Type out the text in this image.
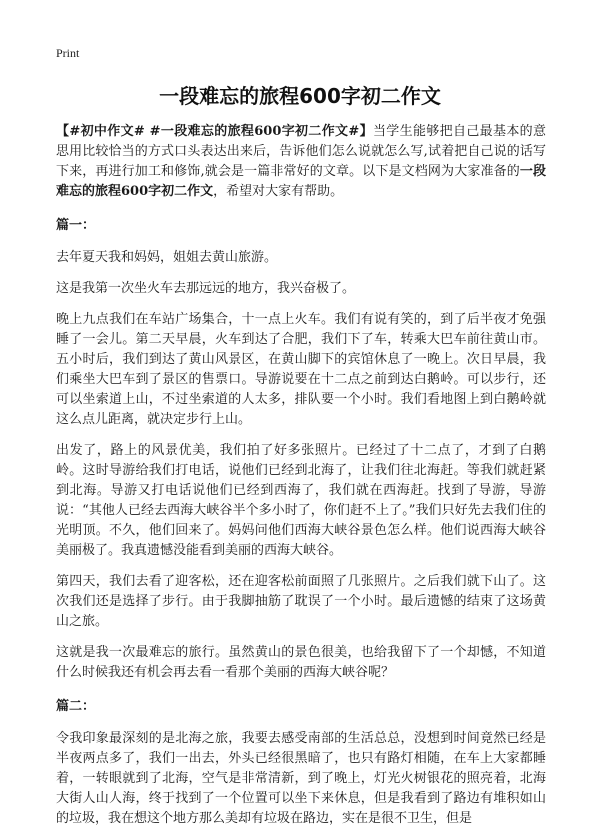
Print
一段难忘的旅程600字初二作文

【#初中作文# #一段难忘的旅程600字初二作文#】当学生能够把自己最基本的意思用比较恰当的方式口头表达出来后，告诉他们怎么说就怎么写,试着把自己说的话写下来，再进行加工和修饰,就会是一篇非常好的文章。以下是文档网为大家准备的一段难忘的旅程600字初二作文，希望对大家有帮助。

篇一：

去年夏天我和妈妈，姐姐去黄山旅游。

这是我第一次坐火车去那远远的地方，我兴奋极了。

晚上九点我们在车站广场集合，十一点上火车。我们有说有笑的，到了后半夜才免强睡了一会儿。第二天早晨，火车到达了合肥，我们下了车，转乘大巴车前往黄山市。五小时后，我们到达了黄山风景区，在黄山脚下的宾馆休息了一晚上。次日早晨，我们乘坐大巴车到了景区的售票口。导游说要在十二点之前到达白鹅岭。可以步行，还可以坐索道上山，不过坐索道的人太多，排队要一个小时。我们看地图上到白鹅岭就这么点儿距离，就决定步行上山。

出发了，路上的风景优美，我们拍了好多张照片。已经过了十二点了，才到了白鹅岭。这时导游给我们打电话，说他们已经到北海了，让我们往北海赶。等我们就赶紧到北海。导游又打电话说他们已经到西海了，我们就在西海赶。找到了导游，导游说：“其他人已经去西海大峡谷半个多小时了，你们赶不上了。”我们只好先去我们住的光明顶。不久，他们回来了。妈妈问他们西海大峡谷景色怎么样。他们说西海大峡谷美丽极了。我真遗憾没能看到美丽的西海大峡谷。

第四天，我们去看了迎客松，还在迎客松前面照了几张照片。之后我们就下山了。这次我们还是选择了步行。由于我脚抽筋了耽误了一个小时。最后遗憾的结束了这场黄山之旅。

这就是我一次最难忘的旅行。虽然黄山的景色很美，也给我留下了一个却憾，不知道什么时候我还有机会再去看一看那个美丽的西海大峡谷呢？

篇二：

令我印象最深刻的是北海之旅，我要去感受南部的生活总总，没想到时间竟然已经是半夜两点多了，我们一出去，外头已经很黑暗了，也只有路灯相随，在车上大家都睡着，一转眼就到了北海，空气是非常清新，到了晚上，灯光火树银花的照亮着，北海大街人山人海，终于找到了一个位置可以坐下来休息，但是我看到了路边有堆积如山的垃圾，我在想这个地方那么美却有垃圾在路边，实在是很不卫生，但是
